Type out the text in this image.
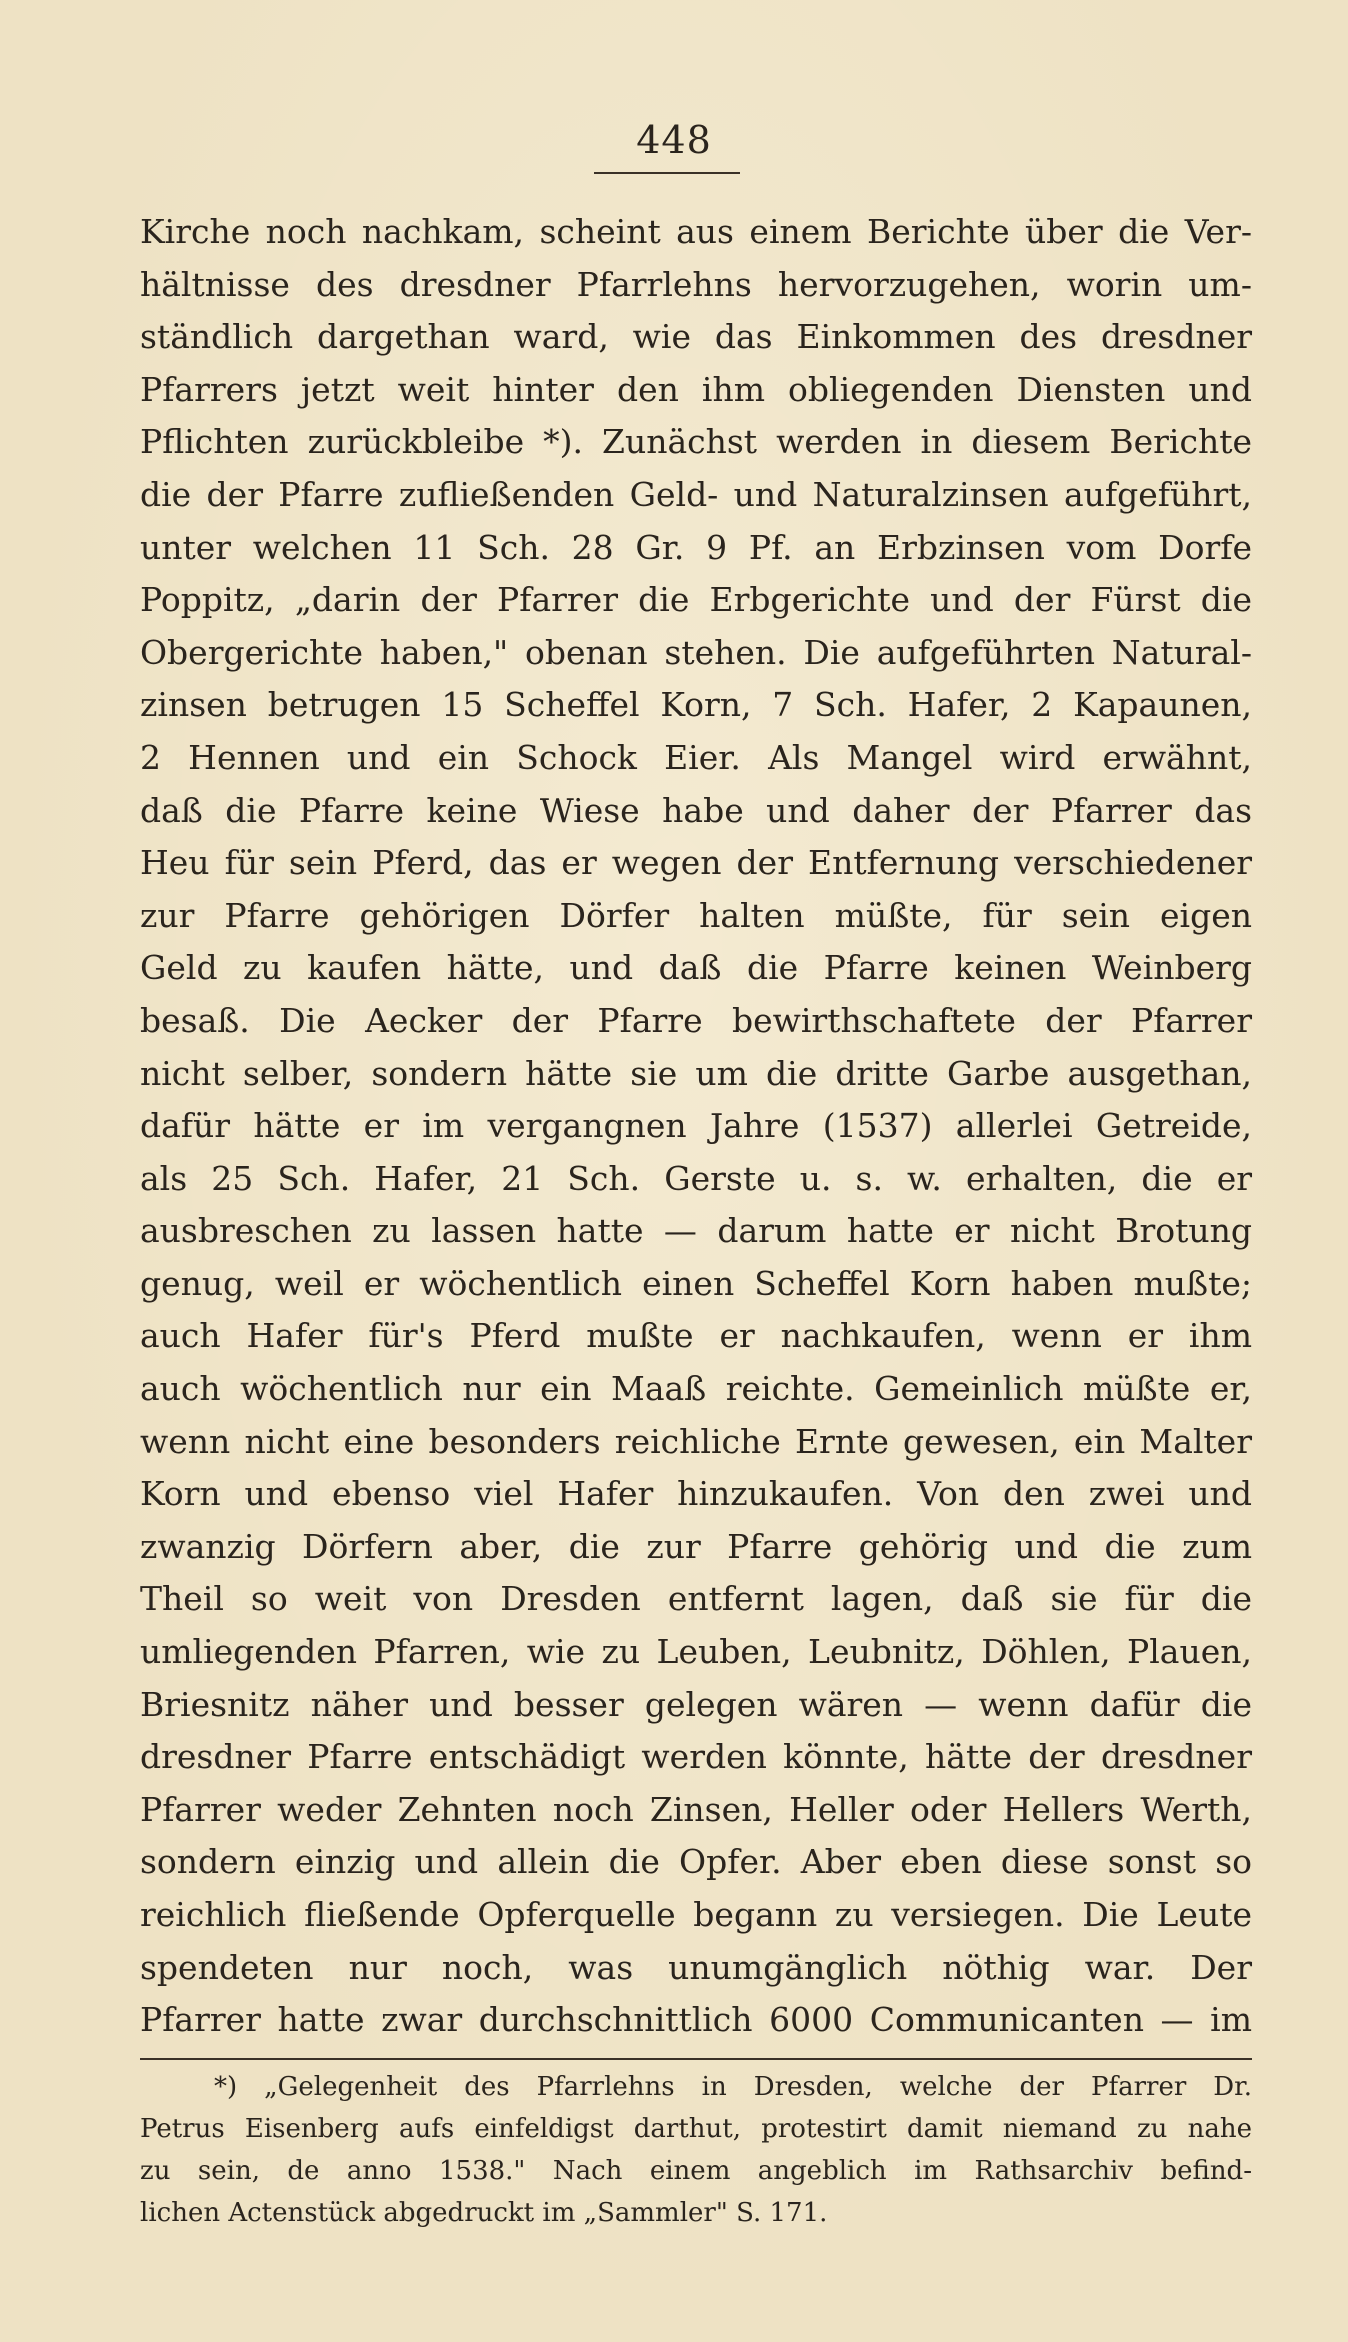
448
Kirche noch nachkam, scheint aus einem Berichte über die Ver-
hältnisse des dresdner Pfarrlehns hervorzugehen, worin um-
ständlich dargethan ward, wie das Einkommen des dresdner
Pfarrers jetzt weit hinter den ihm obliegenden Diensten und
Pflichten zurückbleibe *). Zunächst werden in diesem Berichte
die der Pfarre zufließenden Geld- und Naturalzinsen aufgeführt,
unter welchen 11 Sch. 28 Gr. 9 Pf. an Erbzinsen vom Dorfe
Poppitz, „darin der Pfarrer die Erbgerichte und der Fürst die
Obergerichte haben," obenan stehen. Die aufgeführten Natural-
zinsen betrugen 15 Scheffel Korn, 7 Sch. Hafer, 2 Kapaunen,
2 Hennen und ein Schock Eier. Als Mangel wird erwähnt,
daß die Pfarre keine Wiese habe und daher der Pfarrer das
Heu für sein Pferd, das er wegen der Entfernung verschiedener
zur Pfarre gehörigen Dörfer halten müßte, für sein eigen
Geld zu kaufen hätte, und daß die Pfarre keinen Weinberg
besaß. Die Aecker der Pfarre bewirthschaftete der Pfarrer
nicht selber, sondern hätte sie um die dritte Garbe ausgethan,
dafür hätte er im vergangnen Jahre (1537) allerlei Getreide,
als 25 Sch. Hafer, 21 Sch. Gerste u. s. w. erhalten, die er
ausbreschen zu lassen hatte — darum hatte er nicht Brotung
genug, weil er wöchentlich einen Scheffel Korn haben mußte;
auch Hafer für's Pferd mußte er nachkaufen, wenn er ihm
auch wöchentlich nur ein Maaß reichte. Gemeinlich müßte er,
wenn nicht eine besonders reichliche Ernte gewesen, ein Malter
Korn und ebenso viel Hafer hinzukaufen. Von den zwei und
zwanzig Dörfern aber, die zur Pfarre gehörig und die zum
Theil so weit von Dresden entfernt lagen, daß sie für die
umliegenden Pfarren, wie zu Leuben, Leubnitz, Döhlen, Plauen,
Briesnitz näher und besser gelegen wären — wenn dafür die
dresdner Pfarre entschädigt werden könnte, hätte der dresdner
Pfarrer weder Zehnten noch Zinsen, Heller oder Hellers Werth,
sondern einzig und allein die Opfer. Aber eben diese sonst so
reichlich fließende Opferquelle begann zu versiegen. Die Leute
spendeten nur noch, was unumgänglich nöthig war. Der
Pfarrer hatte zwar durchschnittlich 6000 Communicanten — im
*) „Gelegenheit des Pfarrlehns in Dresden, welche der Pfarrer Dr.
Petrus Eisenberg aufs einfeldigst darthut, protestirt damit niemand zu nahe
zu sein, de anno 1538." Nach einem angeblich im Rathsarchiv befind-
lichen Actenstück abgedruckt im „Sammler" S. 171.
